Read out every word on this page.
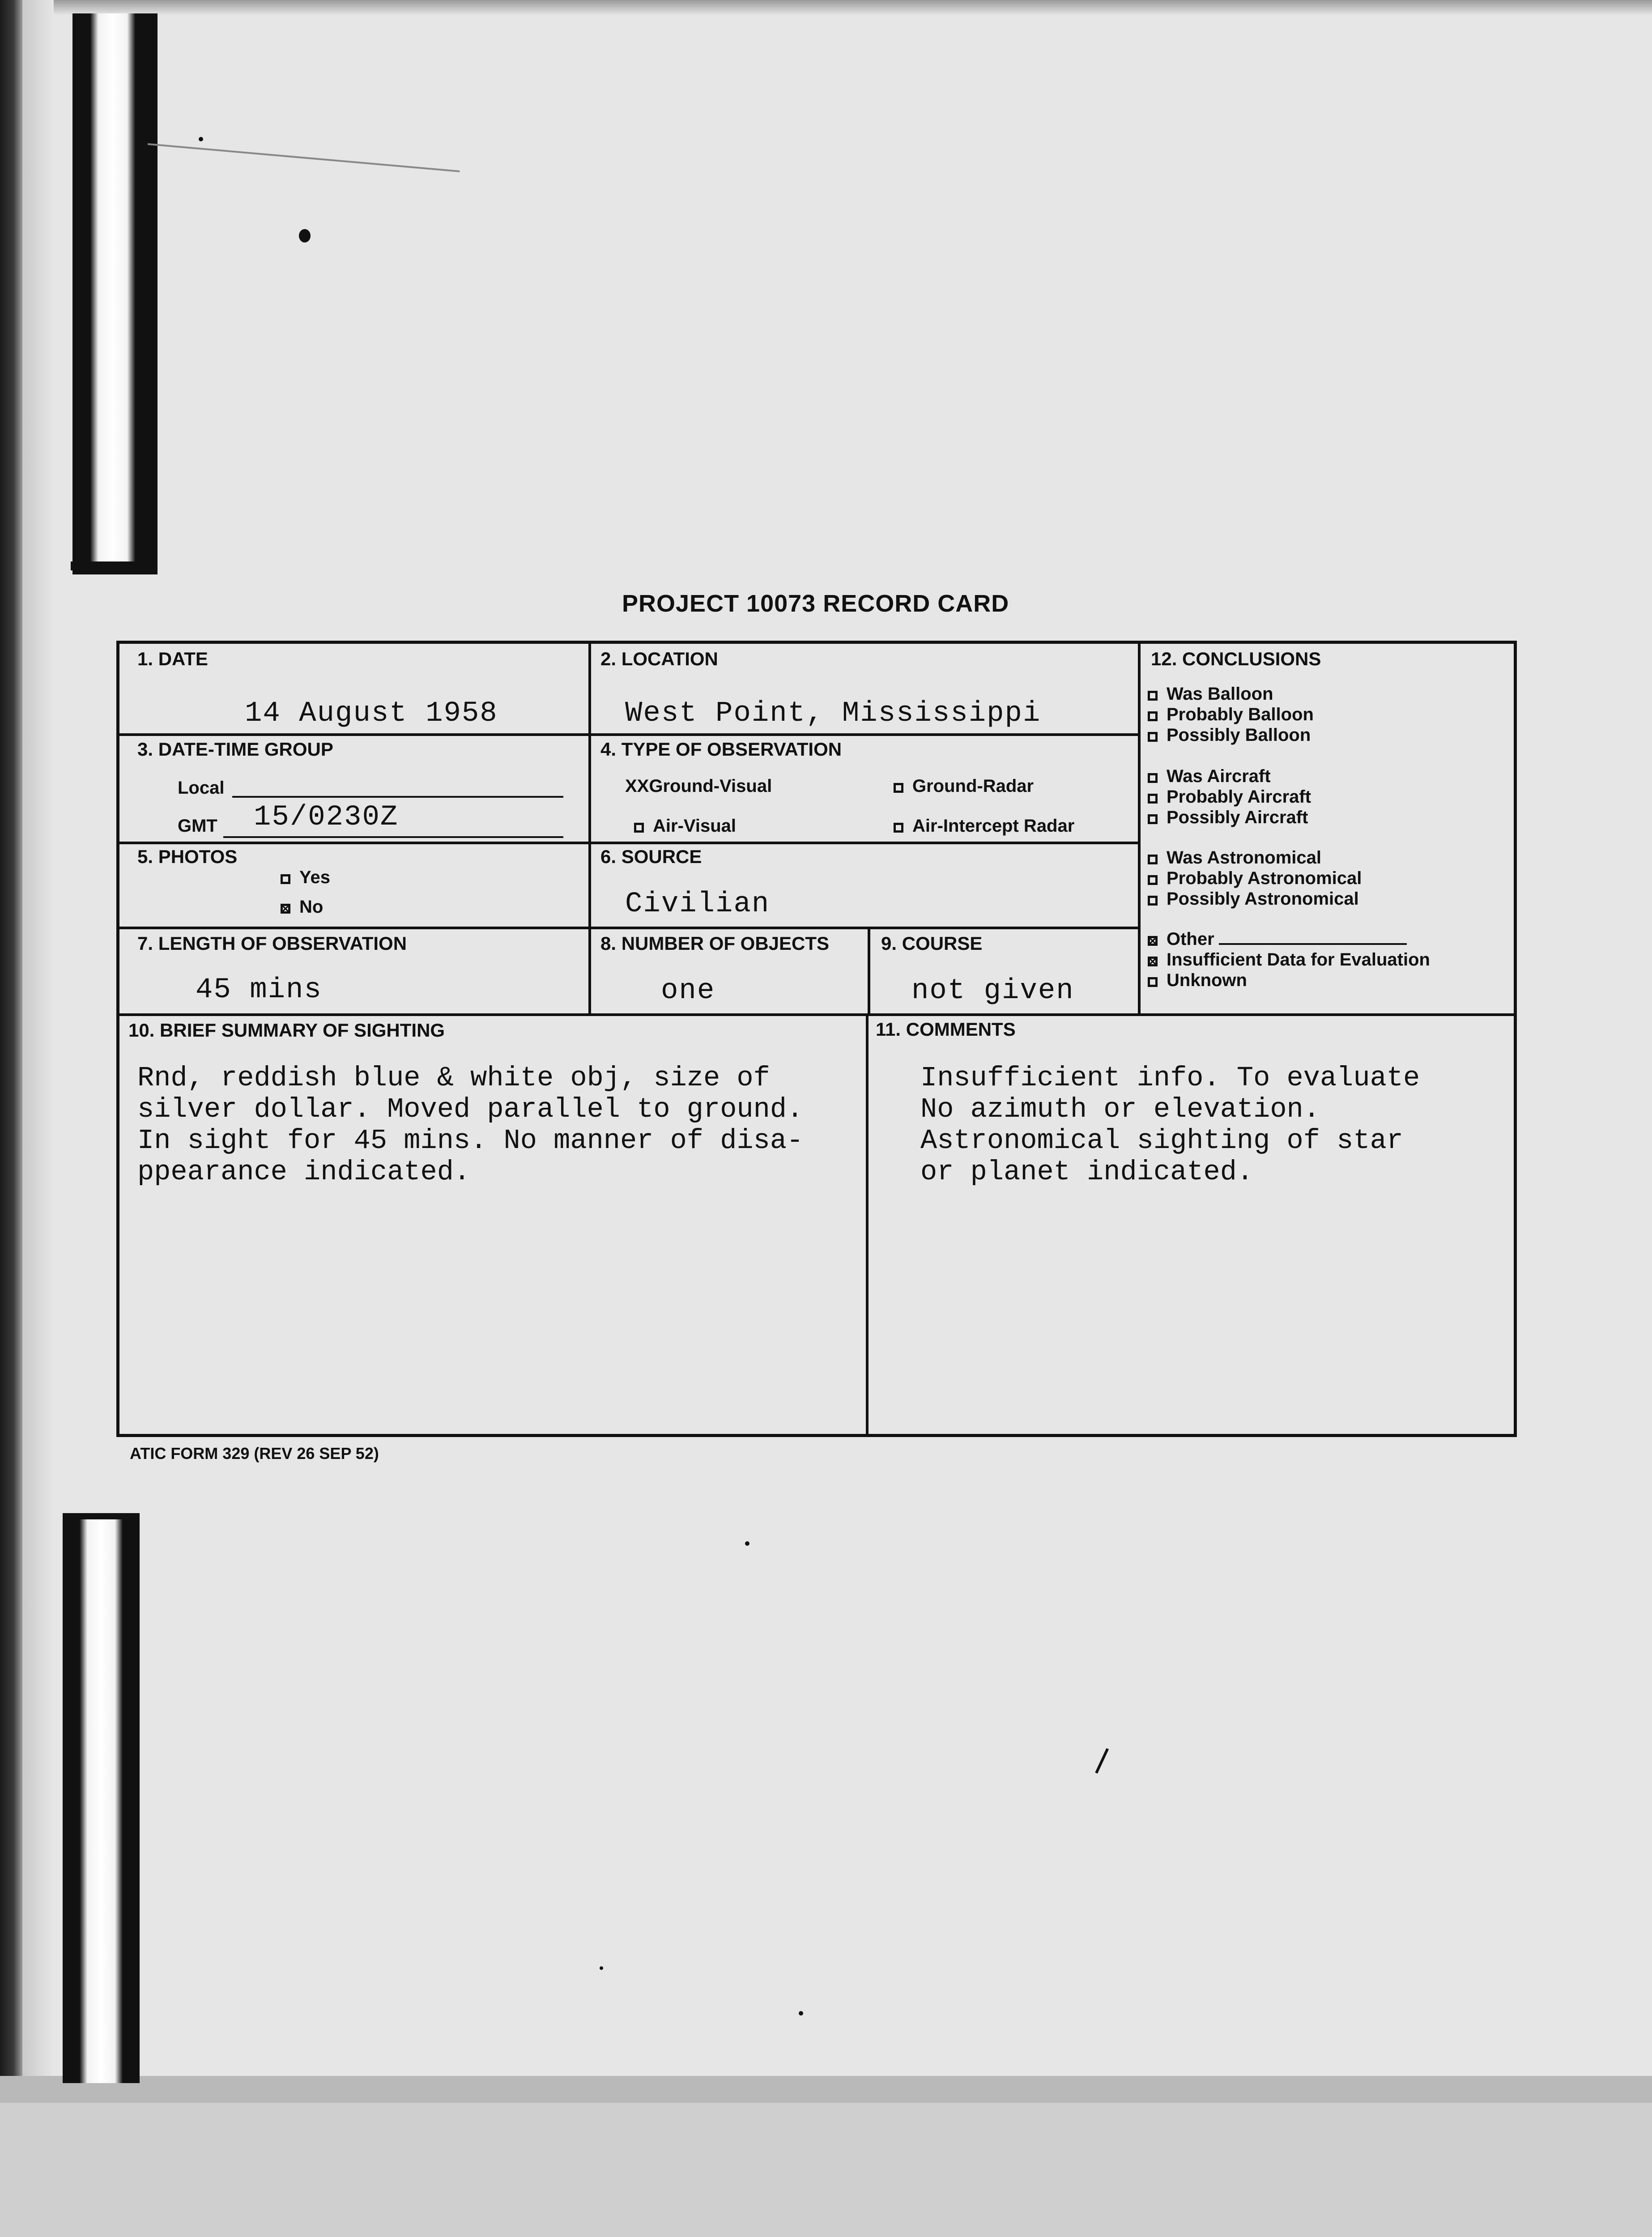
PROJECT 10073 RECORD CARD
1. DATE
14 August 1958
2. LOCATION
West Point, Mississippi
3. DATE-TIME GROUP
Local
GMT 15/0230Z
4. TYPE OF OBSERVATION
XXGround-Visual	Ground-Radar
Air-Visual	Air-Intercept Radar
5. PHOTOS
Yes
No
6. SOURCE
Civilian
7. LENGTH OF OBSERVATION
45 mins
8. NUMBER OF OBJECTS
one
9. COURSE
not given
12. CONCLUSIONS
10. BRIEF SUMMARY OF SIGHTING
Rnd, reddish blue & white obj, size of
silver dollar. Moved parallel to ground.
In sight for 45 mins. No manner of disa-
ppearance indicated.
11. COMMENTS
Insufficient info. To evaluate
No azimuth or elevation.
Astronomical sighting of star
or planet indicated.
Was Balloon
Probably Balloon
Possibly Balloon
Was Aircraft
Probably Aircraft
Possibly Aircraft
Was Astronomical
Probably Astronomical
Possibly Astronomical
Other
Insufficient Data for Evaluation
Unknown
ATIC FORM 329 (REV 26 SEP 52)
